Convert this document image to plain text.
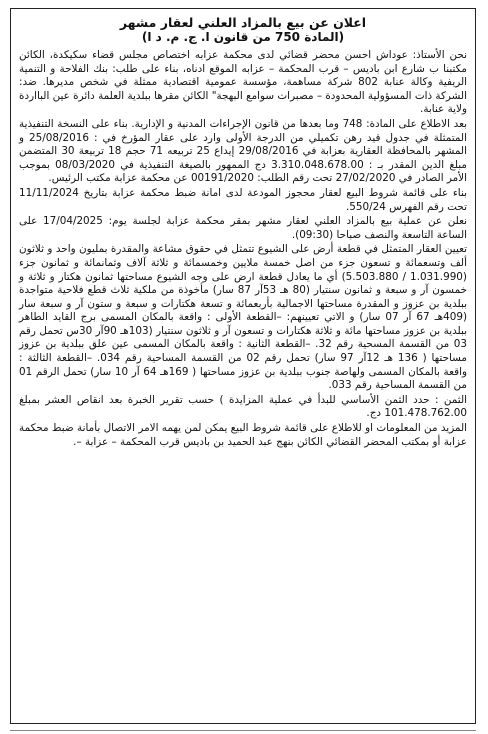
اعلان عن بيع بالمزاد العلني لعقار مشهر
(المادة 750 من قانون ا. ج. م. د ا)

نحن الأستاذ: عوداش احسن محضر قضائي لدى محكمة عزابه اختصاص مجلس قضاء سكيكدة، الكائن مكتبنا ب شارع ابن باديس – قرب المحكمة – عزابه الموقع ادناه، بناء على طلب: بنك الفلاحة و التنمية الريفية وكالة عنابة 802 شركة مساهمة، مؤسسة عمومية اقتصادية ممثلة في شخص مديرها. ضد: الشركة ذات المسؤولية المحدودة – مصبرات سوامع البهجة" الكائن مقرها ببلدية العلمة دائرة عين البااردة ولاية عنابة.

بعد الاطلاع على المادة: 748 وما بعدها من قانون الإجراءات المدنية و الإدارية. بناء على النسخة التنفيذية المتمثلة في جدول قيد رهن تكميلي من الدرجة الأولى وارد على عقار المؤرخ في : 25/08/2016 و المشهر بالمحافظة العقارية بعزابة في 29/08/2016 إيداع 25 تربيعه 71 حجم 18 تربيعة 30 المتضمن مبلغ الدين المقدر بـ : 3.310.048.678.00 دج الممهور بالصيغة التنفيذية في 08/03/2020 بموجب الأمر الصادر في 27/02/2020 تحت رقم الطلب: 00191/2020 عن محكمة عزابة مكتب الرئيس.

بناء على قائمة شروط البيع لعقار محجوز المودعة لدى امانة ضبط محكمة عزابة بتاريخ 11/11/2024 تحت رقم الفهرس 550/24.

نعلن عن عملية بيع بالمزاد العلني لعقار مشهر بمقر محكمة عزابة لجلسة يوم: 17/04/2025 على الساعة التاسعة والنصف صباحا (09:30).

تعيين العقار المتمثل في قطعة أرض على الشيوع تتمثل في حقوق مشاعة والمقدرة بمليون واحد و ثلاثون ألف وتسعمائة و تسعون جزء من اصل خمسة ملايين وخمسمائة و ثلاثة آلاف وثمانمائة و ثمانون جزء (1.031.990 / 5.503.880) أي ما يعادل قطعة ارض على وجه الشيوع مساحتها ثمانون هكتار و ثلاثة و خمسون آر و سبعة و ثمانون سنتيار (80 هـ 53آر 87 سار) مأخوذة من ملكية ثلاث قطع فلاحية متواجدة ببلدية بن عزوز و المقدرة مساحتها الاجمالية بأربعمائة و تسعة هكتارات و سبعة و ستون آر و سبعة سار (409هـ 67 آر 07 سار) و الاتي تعيينهم: –القطعة الأولى : واقعة بالمكان المسمى برج القايد الطاهر ببلدية بن عزوز مساحتها مائة و ثلاثة هكتارات و تسعون آر و ثلاثون سنتيار (103هـ 90آر 30س تحمل رقم 03 من القسمة المسحية رقم 32. –القطعة الثانية : واقعة بالمكان المسمى عين علق ببلدية بن عزوز مساحتها ( 136 هـ 12آر 97 سار) تحمل رقم 02 من القسمة المساحية رقم 034. –القطعة الثالثة : واقعة بالمكان المسمى ولهاصة جنوب ببلدية بن عزوز مساحتها ( 169هـ 64 آر 10 سار) تحمل الرقم 01 من القسمة المساحية رقم 033.

الثمن : حدد الثمن الأساسي للبدأ في عملية المزايدة ) حسب تقرير الخبرة بعد انقاص العشر بمبلغ 101.478.762.00 دج.

المزيد من المعلومات او للاطلاع على قائمة شروط البيع يمكن لمن يهمه الامر الاتصال بأمانة ضبط محكمة عزابة أو بمكتب المحضر القضائي الكائن بنهج عبد الحميد بن باديس قرب المحكمة – عزابة –.
